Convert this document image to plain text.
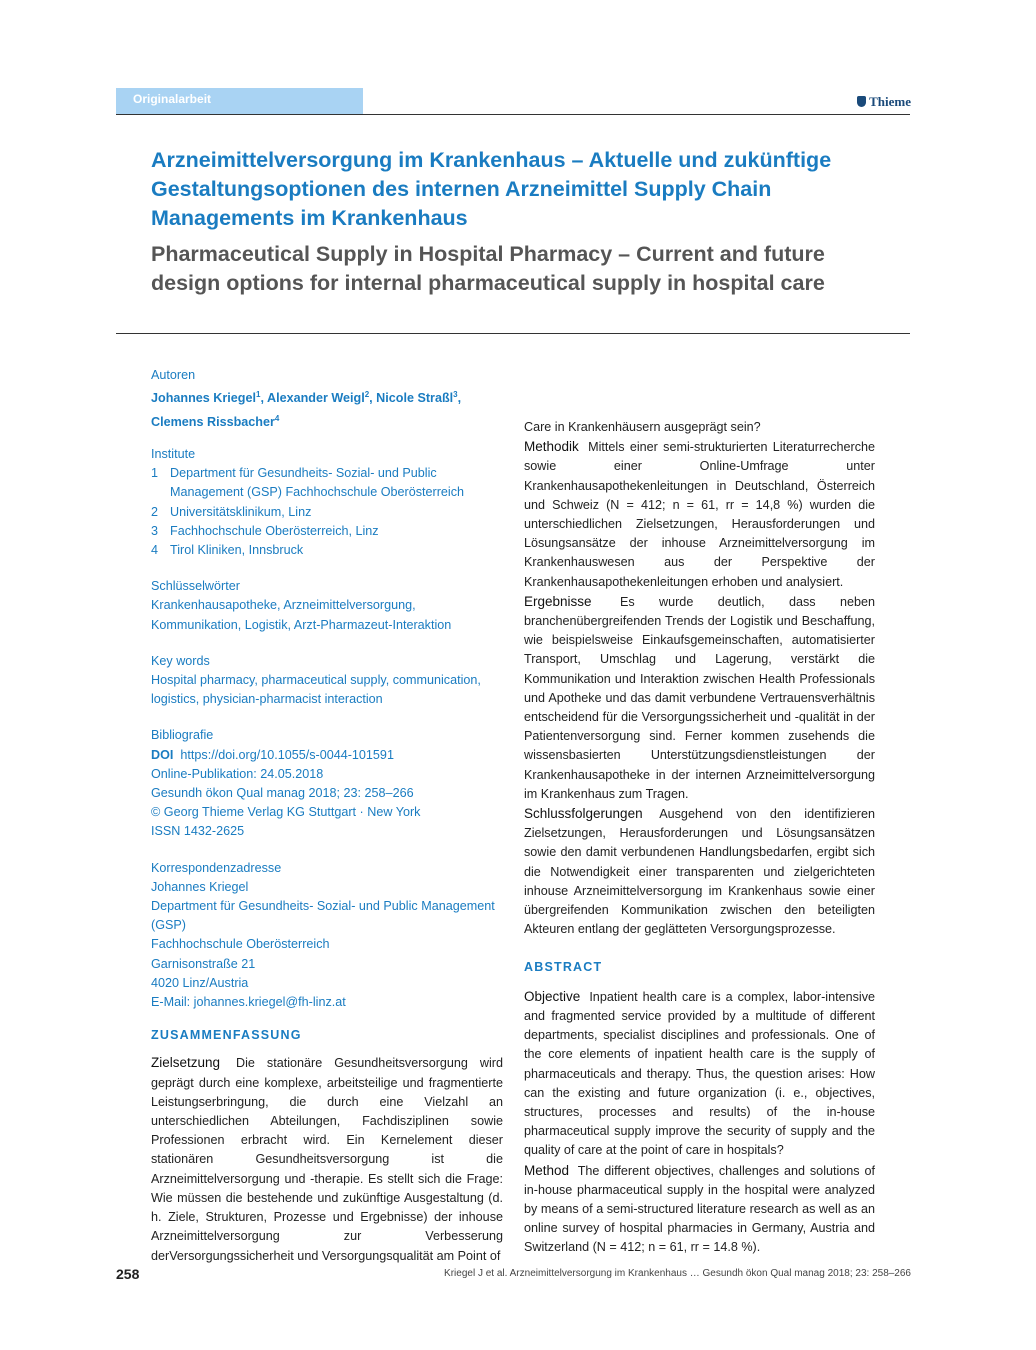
Originalarbeit	Thieme
Arzneimittelversorgung im Krankenhaus – Aktuelle und zukünftige Gestaltungsoptionen des internen Arzneimittel Supply Chain Managements im Krankenhaus
Pharmaceutical Supply in Hospital Pharmacy – Current and future design options for internal pharmaceutical supply in hospital care
Autoren
Johannes Kriegel$^1$, Alexander Weigl$^2$, Nicole Straßl$^3$, Clemens Rissbacher$^4$
Institute
1 Department für Gesundheits- Sozial- und Public Management (GSP) Fachhochschule Oberösterreich
2 Universitätsklinikum, Linz
3 Fachhochschule Oberösterreich, Linz
4 Tirol Kliniken, Innsbruck
Schlüsselwörter
Krankenhausapotheke, Arzneimittelversorgung, Kommunikation, Logistik, Arzt-Pharmazeut-Interaktion
Key words
Hospital pharmacy, pharmaceutical supply, communication, logistics, physician-pharmacist interaction
Bibliografie
DOI https://doi.org/10.1055/s-0044-101591
Online-Publikation: 24.05.2018
Gesundh ökon Qual manag 2018; 23: 258–266
© Georg Thieme Verlag KG Stuttgart · New York
ISSN 1432-2625
Korrespondenzadresse
Johannes Kriegel
Department für Gesundheits- Sozial- und Public Management (GSP)
Fachhochschule Oberösterreich
Garnisonstraße 21
4020 Linz/Austria
E-Mail: johannes.kriegel@fh-linz.at
ZUSAMMENFASSUNG
Zielsetzung Die stationäre Gesundheitsversorgung wird geprägt durch eine komplexe, arbeitsteilige und fragmentierte Leistungserbringung, die durch eine Vielzahl an unterschiedlichen Abteilungen, Fachdisziplinen sowie Professionen erbracht wird. Ein Kernelement dieser stationären Gesundheitsversorgung ist die Arzneimittelversorgung und -therapie. Es stellt sich die Frage: Wie müssen die bestehende und zukünftige Ausgestaltung (d. h. Ziele, Strukturen, Prozesse und Ergebnisse) der inhouse Arzneimittelversorgung zur Verbesserung derVersorgungssicherheit und Versorgungsqualität am Point of
Care in Krankenhäusern ausgeprägt sein?
Methodik Mittels einer semi-strukturierten Literaturrecherche sowie einer Online-Umfrage unter Krankenhausapothekenleitungen in Deutschland, Österreich und Schweiz (N = 412; n = 61, rr = 14,8 %) wurden die unterschiedlichen Zielsetzungen, Herausforderungen und Lösungsansätze der inhouse Arzneimittelversorgung im Krankenhauswesen aus der Perspektive der Krankenhausapothekenleitungen erhoben und analysiert.
Ergebnisse Es wurde deutlich, dass neben branchenübergreifenden Trends der Logistik und Beschaffung, wie beispielsweise Einkaufsgemeinschaften, automatisierter Transport, Umschlag und Lagerung, verstärkt die Kommunikation und Interaktion zwischen Health Professionals und Apotheke und das damit verbundene Vertrauensverhältnis entscheidend für die Versorgungssicherheit und -qualität in der Patientenversorgung sind. Ferner kommen zusehends die wissensbasierten Unterstützungsdienstleistungen der Krankenhausapotheke in der internen Arzneimittelversorgung im Krankenhaus zum Tragen.
Schlussfolgerungen Ausgehend von den identifizieren Zielsetzungen, Herausforderungen und Lösungsansätzen sowie den damit verbundenen Handlungsbedarfen, ergibt sich die Notwendigkeit einer transparenten und zielgerichteten inhouse Arzneimittelversorgung im Krankenhaus sowie einer übergreifenden Kommunikation zwischen den beteiligten Akteuren entlang der geglätteten Versorgungsprozesse.
ABSTRACT
Objective Inpatient health care is a complex, labor-intensive and fragmented service provided by a multitude of different departments, specialist disciplines and professionals. One of the core elements of inpatient health care is the supply of pharmaceuticals and therapy. Thus, the question arises: How can the existing and future organization (i. e., objectives, structures, processes and results) of the in-house pharmaceutical supply improve the security of supply and the quality of care at the point of care in hospitals?
Method The different objectives, challenges and solutions of in-house pharmaceutical supply in the hospital were analyzed by means of a semi-structured literature research as well as an online survey of hospital pharmacies in Germany, Austria and Switzerland (N = 412; n = 61, rr = 14.8 %).
258	Kriegel J et al. Arzneimittelversorgung im Krankenhaus … Gesundh ökon Qual manag 2018; 23: 258–266
